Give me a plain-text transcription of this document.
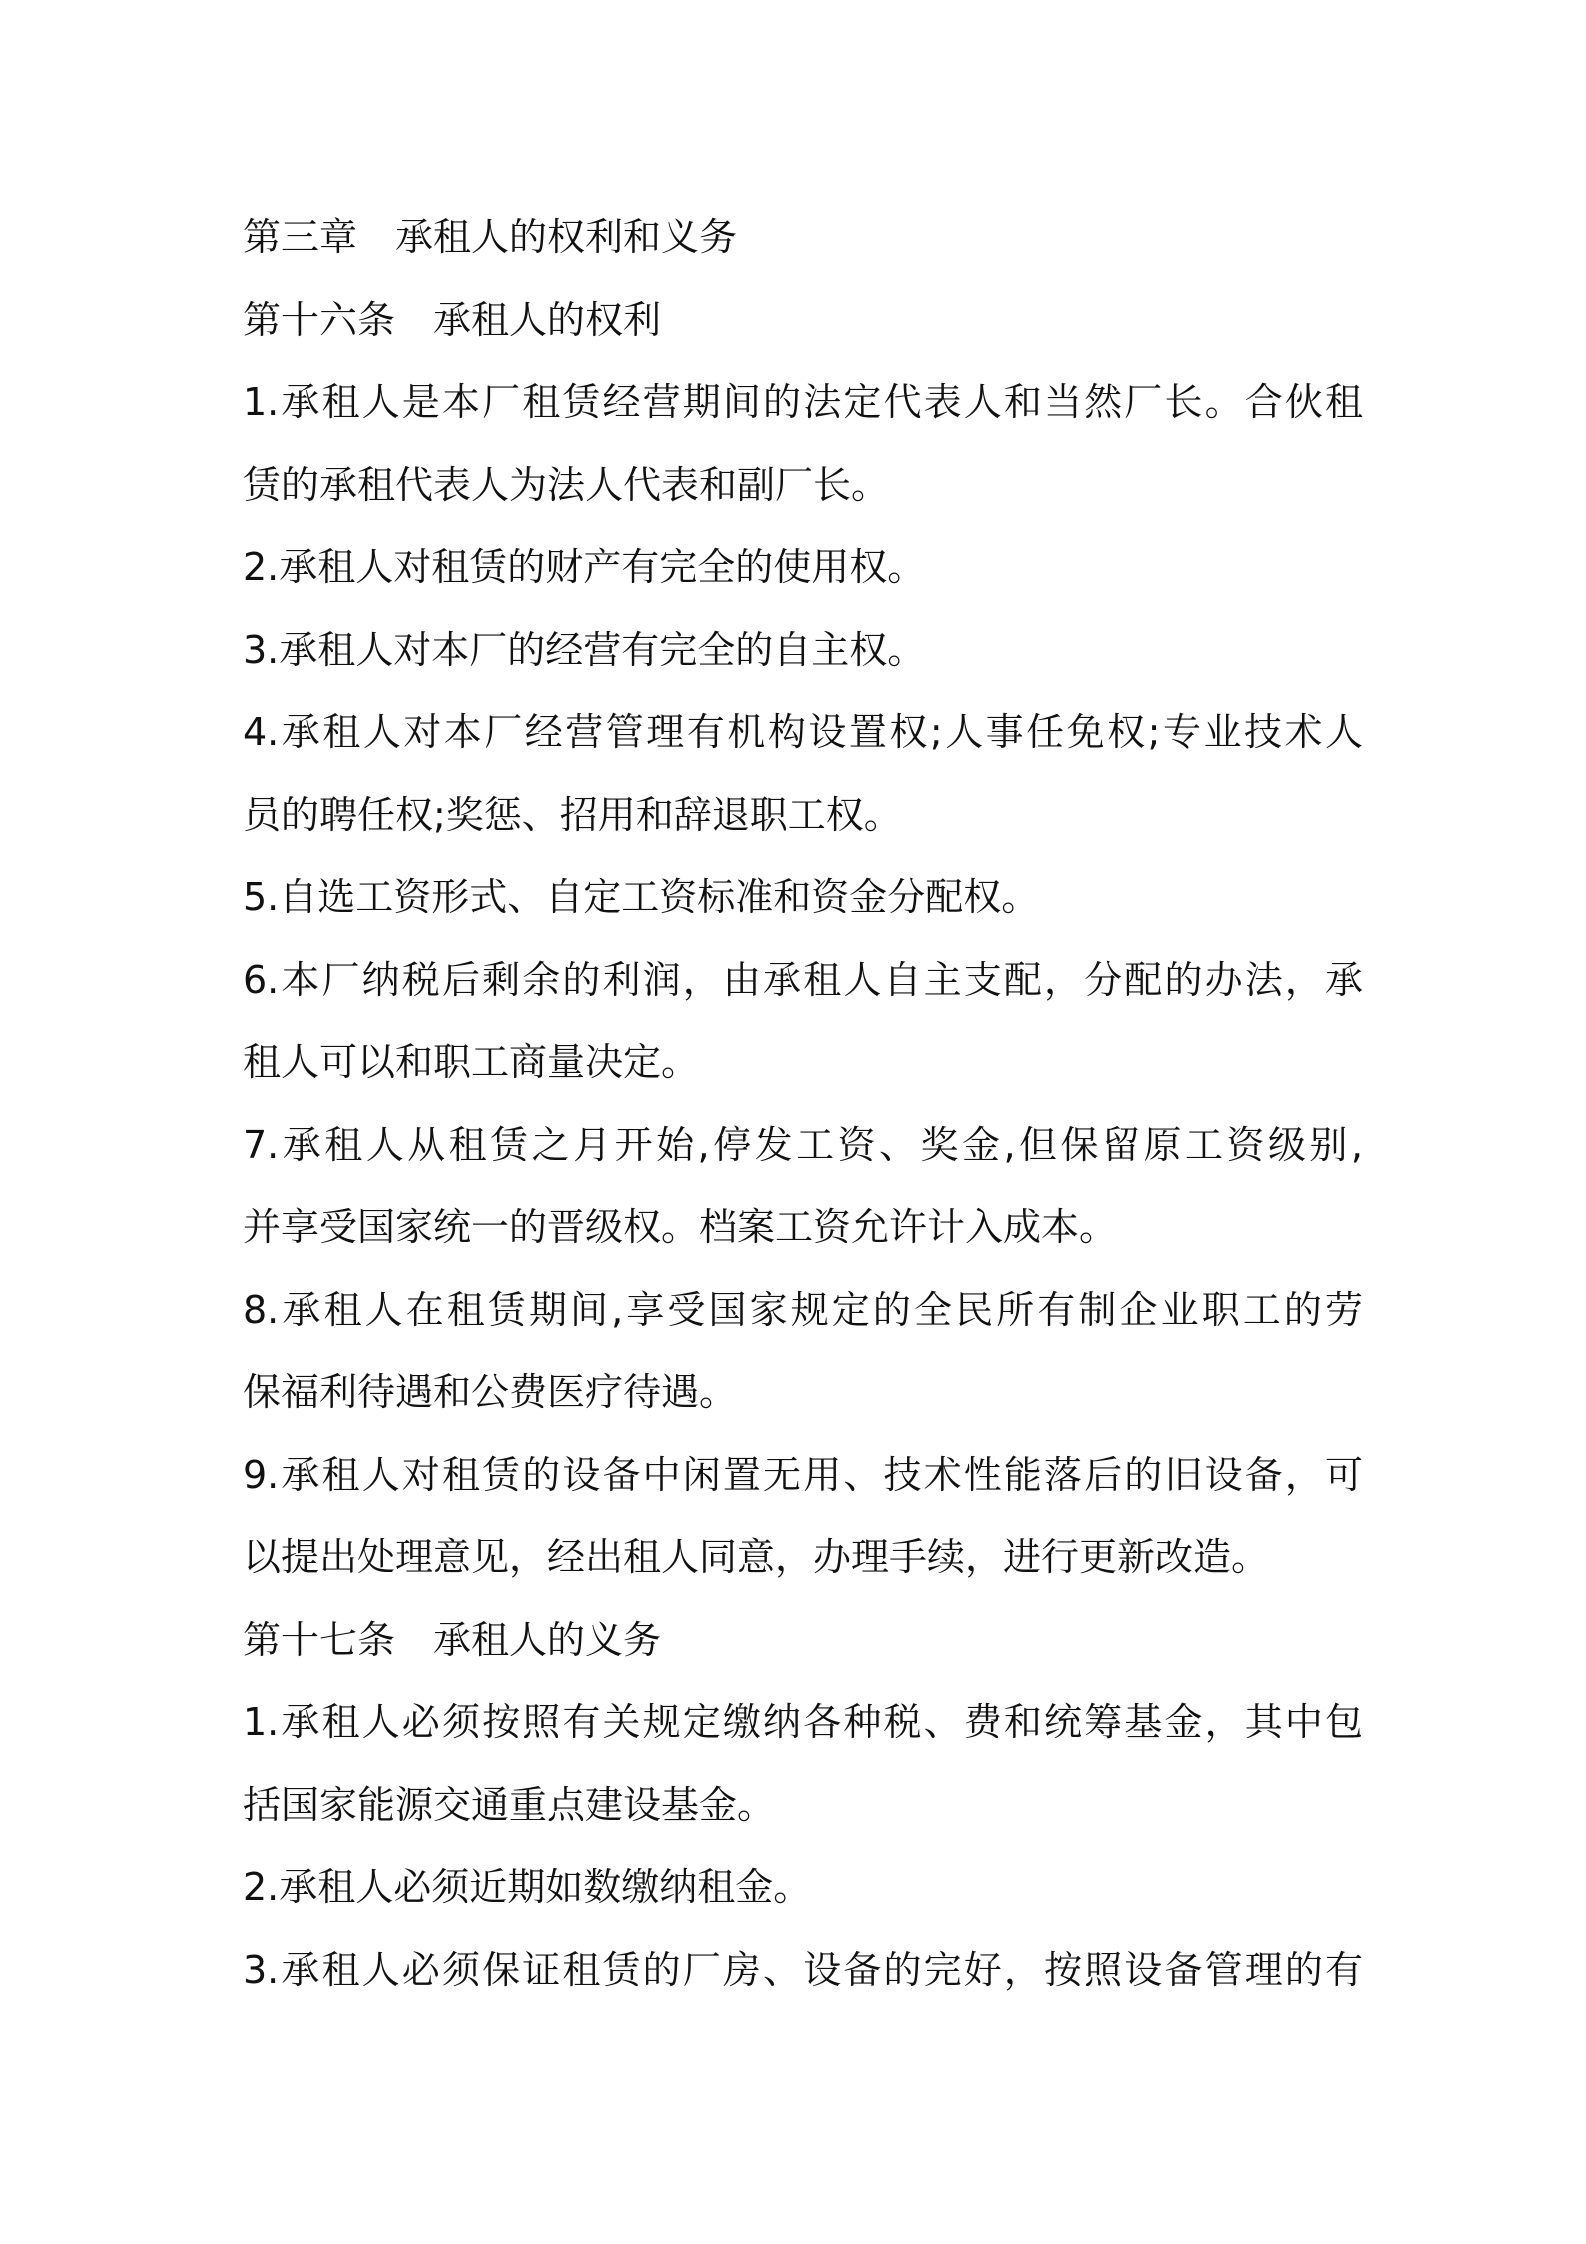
第三章　承租人的权利和义务

第十六条　承租人的权利

1.承租人是本厂租赁经营期间的法定代表人和当然厂长。合伙租

赁的承租代表人为法人代表和副厂长。

2.承租人对租赁的财产有完全的使用权。

3.承租人对本厂的经营有完全的自主权。

4.承租人对本厂经营管理有机构设置权;人事任免权;专业技术人

员的聘任权;奖惩、招用和辞退职工权。

5.自选工资形式、自定工资标准和资金分配权。

6.本厂纳税后剩余的利润，由承租人自主支配，分配的办法，承

租人可以和职工商量决定。

7.承租人从租赁之月开始,停发工资、奖金,但保留原工资级别,

并享受国家统一的晋级权。档案工资允许计入成本。

8.承租人在租赁期间,享受国家规定的全民所有制企业职工的劳

保福利待遇和公费医疗待遇。

9.承租人对租赁的设备中闲置无用、技术性能落后的旧设备，可

以提出处理意见，经出租人同意，办理手续，进行更新改造。

第十七条　承租人的义务

1.承租人必须按照有关规定缴纳各种税、费和统筹基金，其中包

括国家能源交通重点建设基金。

2.承租人必须近期如数缴纳租金。

3.承租人必须保证租赁的厂房、设备的完好，按照设备管理的有
